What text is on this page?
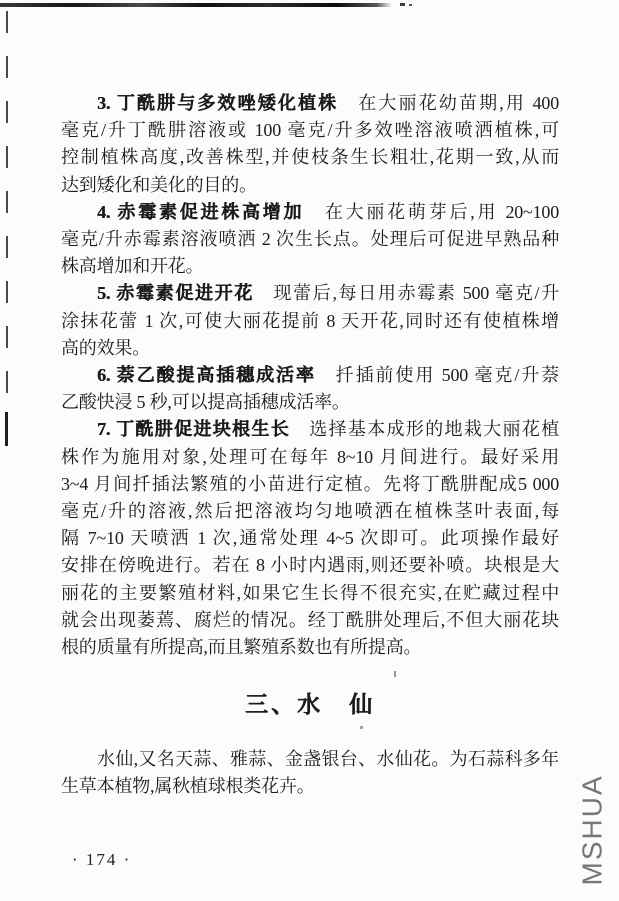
3. 丁酰肼与多效唑矮化植株　在大丽花幼苗期,用 400
毫克/升丁酰肼溶液或 100 毫克/升多效唑溶液喷洒植株,可
控制植株高度,改善株型,并使枝条生长粗壮,花期一致,从而
达到矮化和美化的目的。
4. 赤霉素促进株高增加　在大丽花萌芽后,用 20~100
毫克/升赤霉素溶液喷洒 2 次生长点。处理后可促进早熟品种
株高增加和开花。
5. 赤霉素促进开花　现蕾后,每日用赤霉素 500 毫克/升
涂抹花蕾 1 次,可使大丽花提前 8 天开花,同时还有使植株增
高的效果。
6. 萘乙酸提高插穗成活率　扦插前使用 500 毫克/升萘
乙酸快浸 5 秒,可以提高插穗成活率。
7. 丁酰肼促进块根生长　选择基本成形的地栽大丽花植
株作为施用对象,处理可在每年 8~10 月间进行。最好采用
3~4 月间扦插法繁殖的小苗进行定植。先将丁酰肼配成5 000
毫克/升的溶液,然后把溶液均匀地喷洒在植株茎叶表面,每
隔 7~10 天喷洒 1 次,通常处理 4~5 次即可。此项操作最好
安排在傍晚进行。若在 8 小时内遇雨,则还要补喷。块根是大
丽花的主要繁殖材料,如果它生长得不很充实,在贮藏过程中
就会出现萎蔫、腐烂的情况。经丁酰肼处理后,不但大丽花块
根的质量有所提高,而且繁殖系数也有所提高。
三、水　仙
水仙,又名天蒜、雅蒜、金盏银台、水仙花。为石蒜科多年
生草本植物,属秋植球根类花卉。
· 174 ·	MSHUA
